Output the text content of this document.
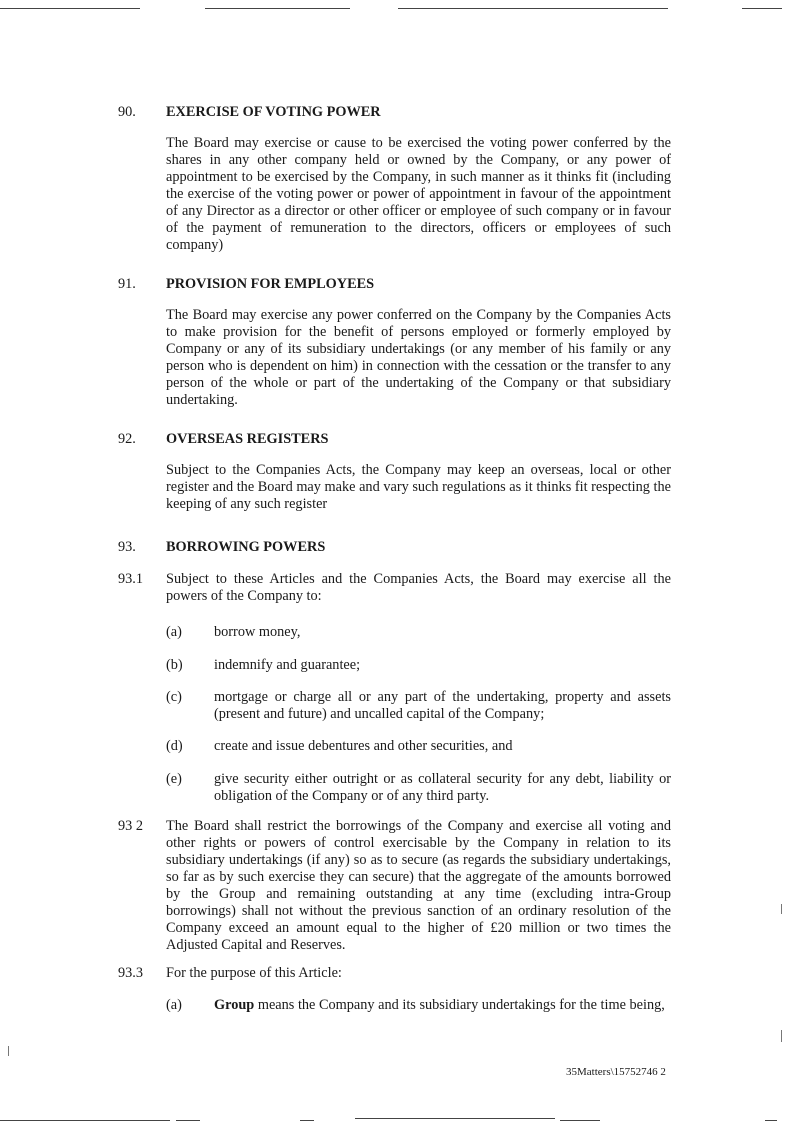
90. EXERCISE OF VOTING POWER
The Board may exercise or cause to be exercised the voting power conferred by the shares in any other company held or owned by the Company, or any power of appointment to be exercised by the Company, in such manner as it thinks fit (including the exercise of the voting power or power of appointment in favour of the appointment of any Director as a director or other officer or employee of such company or in favour of the payment of remuneration to the directors, officers or employees of such company)
91. PROVISION FOR EMPLOYEES
The Board may exercise any power conferred on the Company by the Companies Acts to make provision for the benefit of persons employed or formerly employed by Company or any of its subsidiary undertakings (or any member of his family or any person who is dependent on him) in connection with the cessation or the transfer to any person of the whole or part of the undertaking of the Company or that subsidiary undertaking.
92. OVERSEAS REGISTERS
Subject to the Companies Acts, the Company may keep an overseas, local or other register and the Board may make and vary such regulations as it thinks fit respecting the keeping of any such register
93. BORROWING POWERS
93.1 Subject to these Articles and the Companies Acts, the Board may exercise all the powers of the Company to:
(a) borrow money,
(b) indemnify and guarantee;
(c) mortgage or charge all or any part of the undertaking, property and assets (present and future) and uncalled capital of the Company;
(d) create and issue debentures and other securities, and
(e) give security either outright or as collateral security for any debt, liability or obligation of the Company or of any third party.
93 2 The Board shall restrict the borrowings of the Company and exercise all voting and other rights or powers of control exercisable by the Company in relation to its subsidiary undertakings (if any) so as to secure (as regards the subsidiary undertakings, so far as by such exercise they can secure) that the aggregate of the amounts borrowed by the Group and remaining outstanding at any time (excluding intra-Group borrowings) shall not without the previous sanction of an ordinary resolution of the Company exceed an amount equal to the higher of £20 million or two times the Adjusted Capital and Reserves.
93.3 For the purpose of this Article:
(a) Group means the Company and its subsidiary undertakings for the time being,
35Matters\15752746 2
